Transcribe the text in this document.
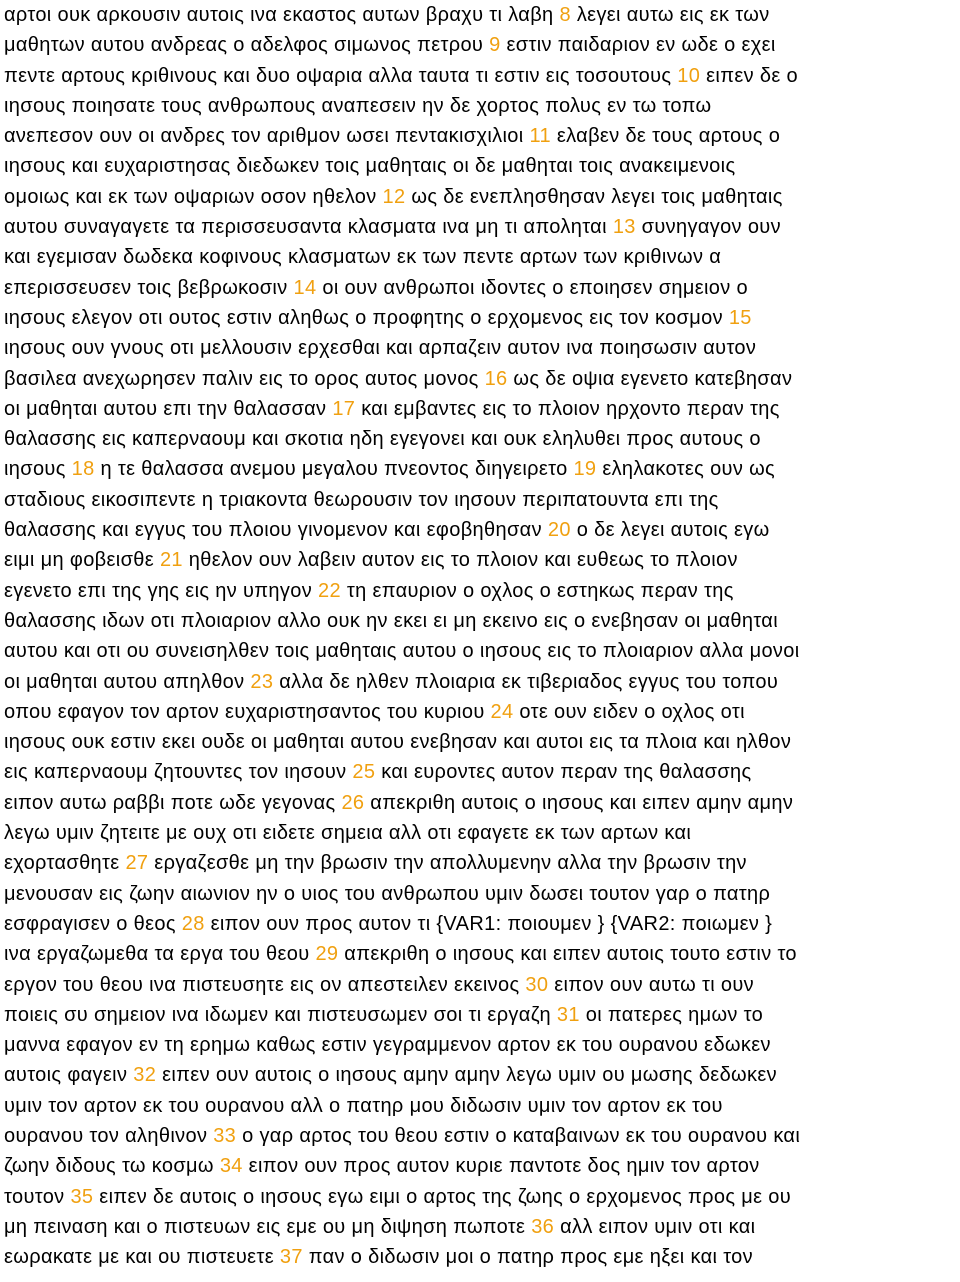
αρτοι ουκ αρκουσιν αυτοις ινα εκαστος αυτων βραχυ τι λαβη 8 λεγει αυτω εις εκ των
μαθητων αυτου ανδρεας ο αδελφος σιμωνος πετρου 9 εστιν παιδαριον εν ωδε ο εχει
πεντε αρτους κριθινους και δυο οψαρια αλλα ταυτα τι εστιν εις τοσουτους 10 ειπεν δε ο
ιησους ποιησατε τους ανθρωπους αναπεσειν ην δε χορτος πολυς εν τω τοπω
ανεπεσον ουν οι ανδρες τον αριθμον ωσει πεντακισχιλιοι 11 ελαβεν δε τους αρτους ο
ιησους και ευχαριστησας διεδωκεν τοις μαθηταις οι δε μαθηται τοις ανακειμενοις
ομοιως και εκ των οψαριων οσον ηθελον 12 ως δε ενεπλησθησαν λεγει τοις μαθηταις
αυτου συναγαγετε τα περισσευσαντα κλασματα ινα μη τι αποληται 13 συνηγαγον ουν
και εγεμισαν δωδεκα κοφινους κλασματων εκ των πεντε αρτων των κριθινων α
επερισσευσεν τοις βεβρωκοσιν 14 οι ουν ανθρωποι ιδοντες ο εποιησεν σημειον ο
ιησους ελεγον οτι ουτος εστιν αληθως ο προφητης ο ερχομενος εις τον κοσμον 15
ιησους ουν γνους οτι μελλουσιν ερχεσθαι και αρπαζειν αυτον ινα ποιησωσιν αυτον
βασιλεα ανεχωρησεν παλιν εις το ορος αυτος μονος 16 ως δε οψια εγενετο κατεβησαν
οι μαθηται αυτου επι την θαλασσαν 17 και εμβαντες εις το πλοιον ηρχοντο περαν της
θαλασσης εις καπερναουμ και σκοτια ηδη εγεγονει και ουκ εληλυθει προς αυτους ο
ιησους 18 η τε θαλασσα ανεμου μεγαλου πνεοντος διηγειρετο 19 εληλακοτες ουν ως
σταδιους εικοσιπεντε η τριακοντα θεωρουσιν τον ιησουν περιπατουντα επι της
θαλασσης και εγγυς του πλοιου γινομενον και εφοβηθησαν 20 ο δε λεγει αυτοις εγω
ειμι μη φοβεισθε 21 ηθελον ουν λαβειν αυτον εις το πλοιον και ευθεως το πλοιον
εγενετο επι της γης εις ην υπηγον 22 τη επαυριον ο οχλος ο εστηκως περαν της
θαλασσης ιδων οτι πλοιαριον αλλο ουκ ην εκει ει μη εκεινο εις ο ενεβησαν οι μαθηται
αυτου και οτι ου συνεισηλθεν τοις μαθηταις αυτου ο ιησους εις το πλοιαριον αλλα μονοι
οι μαθηται αυτου απηλθον 23 αλλα δε ηλθεν πλοιαρια εκ τιβεριαδος εγγυς του τοπου
οπου εφαγον τον αρτον ευχαριστησαντος του κυριου 24 οτε ουν ειδεν ο οχλος οτι
ιησους ουκ εστιν εκει ουδε οι μαθηται αυτου ενεβησαν και αυτοι εις τα πλοια και ηλθον
εις καπερναουμ ζητουντες τον ιησουν 25 και ευροντες αυτον περαν της θαλασσης
ειπον αυτω ραββι ποτε ωδε γεγονας 26 απεκριθη αυτοις ο ιησους και ειπεν αμην αμην
λεγω υμιν ζητειτε με ουχ οτι ειδετε σημεια αλλ οτι εφαγετε εκ των αρτων και
εχορτασθητε 27 εργαζεσθε μη την βρωσιν την απολλυμενην αλλα την βρωσιν την
μενουσαν εις ζωην αιωνιον ην ο υιος του ανθρωπου υμιν δωσει τουτον γαρ ο πατηρ
εσφραγισεν ο θεος 28 ειπον ουν προς αυτον τι {VAR1: ποιουμεν } {VAR2: ποιωμεν }
ινα εργαζωμεθα τα εργα του θεου 29 απεκριθη ο ιησους και ειπεν αυτοις τουτο εστιν το
εργον του θεου ινα πιστευσητε εις ον απεστειλεν εκεινος 30 ειπον ουν αυτω τι ουν
ποιεις συ σημειον ινα ιδωμεν και πιστευσωμεν σοι τι εργαζη 31 οι πατερες ημων το
μαννα εφαγον εν τη ερημω καθως εστιν γεγραμμενον αρτον εκ του ουρανου εδωκεν
αυτοις φαγειν 32 ειπεν ουν αυτοις ο ιησους αμην αμην λεγω υμιν ου μωσης δεδωκεν
υμιν τον αρτον εκ του ουρανου αλλ ο πατηρ μου διδωσιν υμιν τον αρτον εκ του
ουρανου τον αληθινον 33 ο γαρ αρτος του θεου εστιν ο καταβαινων εκ του ουρανου και
ζωην διδους τω κοσμω 34 ειπον ουν προς αυτον κυριε παντοτε δος ημιν τον αρτον
τουτον 35 ειπεν δε αυτοις ο ιησους εγω ειμι ο αρτος της ζωης ο ερχομενος προς με ου
μη πειναση και ο πιστευων εις εμε ου μη διψηση πωποτε 36 αλλ ειπον υμιν οτι και
εωρακατε με και ου πιστευετε 37 παν ο διδωσιν μοι ο πατηρ προς εμε ηξει και τον
